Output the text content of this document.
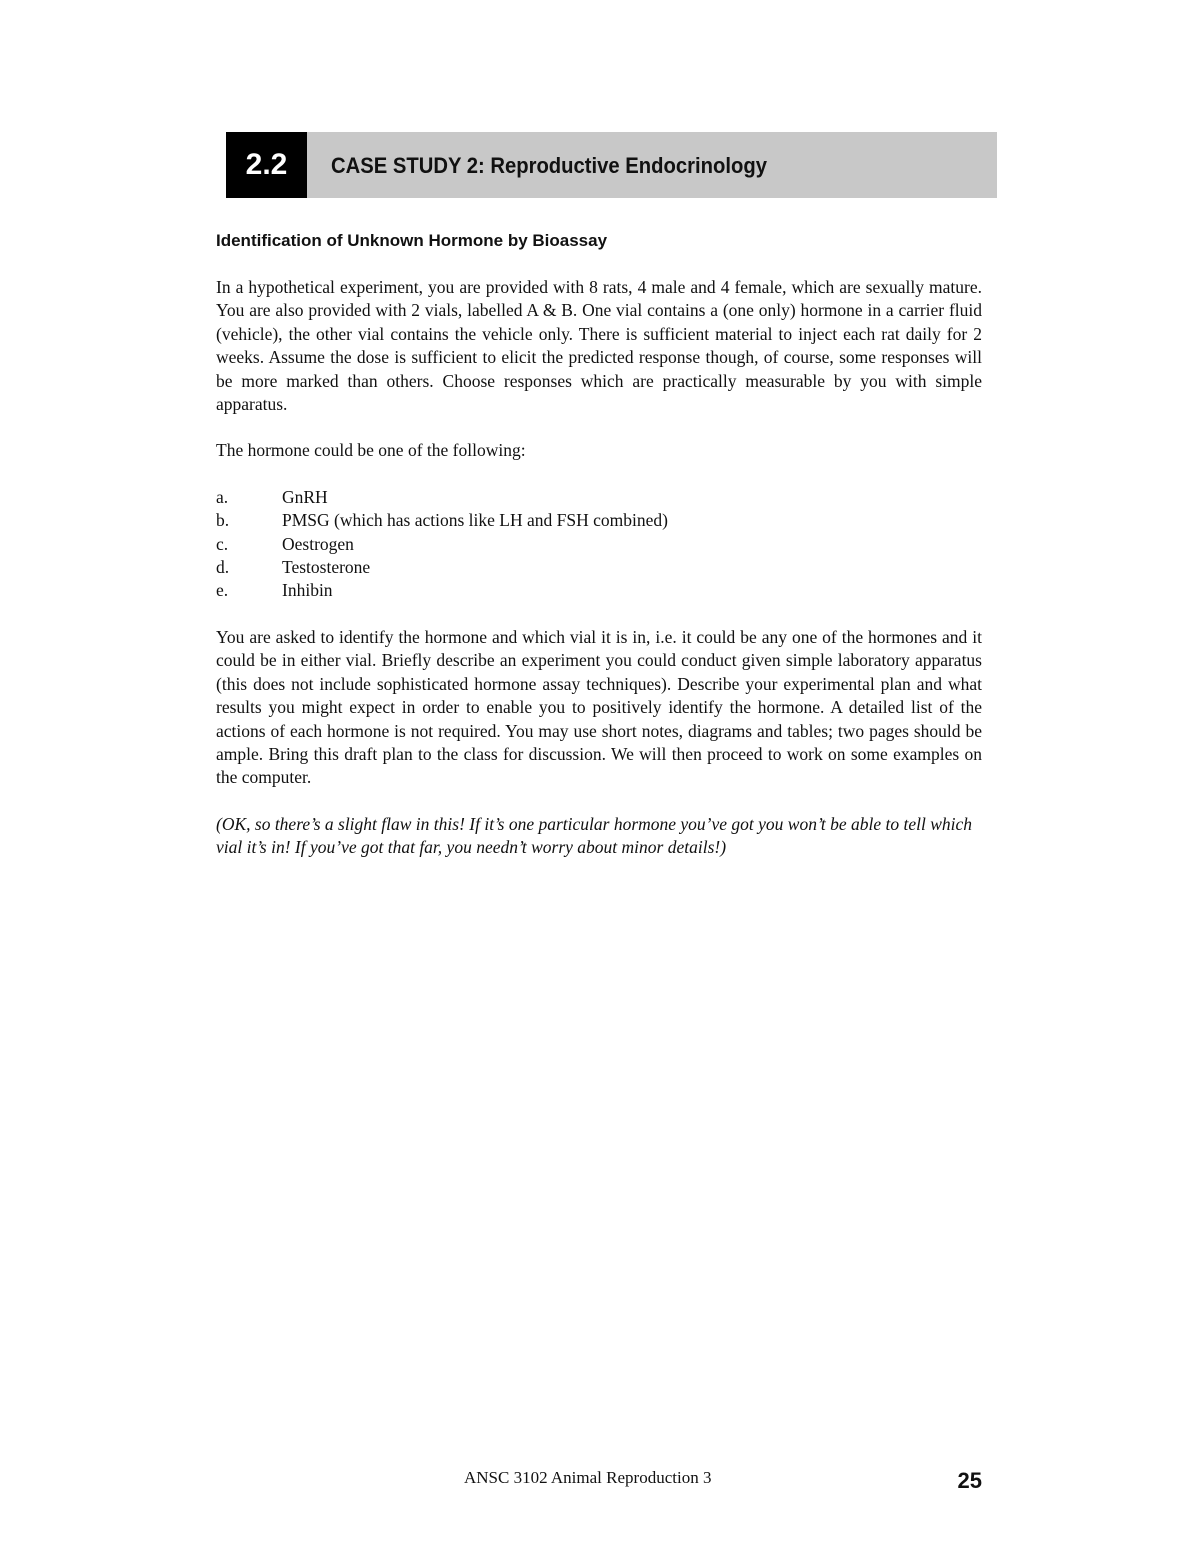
2.2	CASE STUDY 2: Reproductive Endocrinology
Identification of Unknown Hormone by Bioassay

In a hypothetical experiment, you are provided with 8 rats, 4 male and 4 female, which are sexually mature. You are also provided with 2 vials, labelled A & B. One vial contains a (one only) hormone in a carrier fluid (vehicle), the other vial contains the vehicle only. There is sufficient material to inject each rat daily for 2 weeks. Assume the dose is sufficient to elicit the predicted response though, of course, some responses will be more marked than others. Choose responses which are practically measurable by you with simple apparatus.

The hormone could be one of the following:

a.	GnRH
b.	PMSG (which has actions like LH and FSH combined)
c.	Oestrogen
d.	Testosterone
e.	Inhibin

You are asked to identify the hormone and which vial it is in, i.e. it could be any one of the hormones and it could be in either vial. Briefly describe an experiment you could conduct given simple laboratory apparatus (this does not include sophisticated hormone assay techniques). Describe your experimental plan and what results you might expect in order to enable you to positively identify the hormone. A detailed list of the actions of each hormone is not required. You may use short notes, diagrams and tables; two pages should be ample. Bring this draft plan to the class for discussion. We will then proceed to work on some examples on the computer.

(OK, so there’s a slight flaw in this! If it’s one particular hormone you’ve got you won’t be able to tell which vial it’s in! If you’ve got that far, you needn’t worry about minor details!)

ANSC 3102 Animal Reproduction 3	25
